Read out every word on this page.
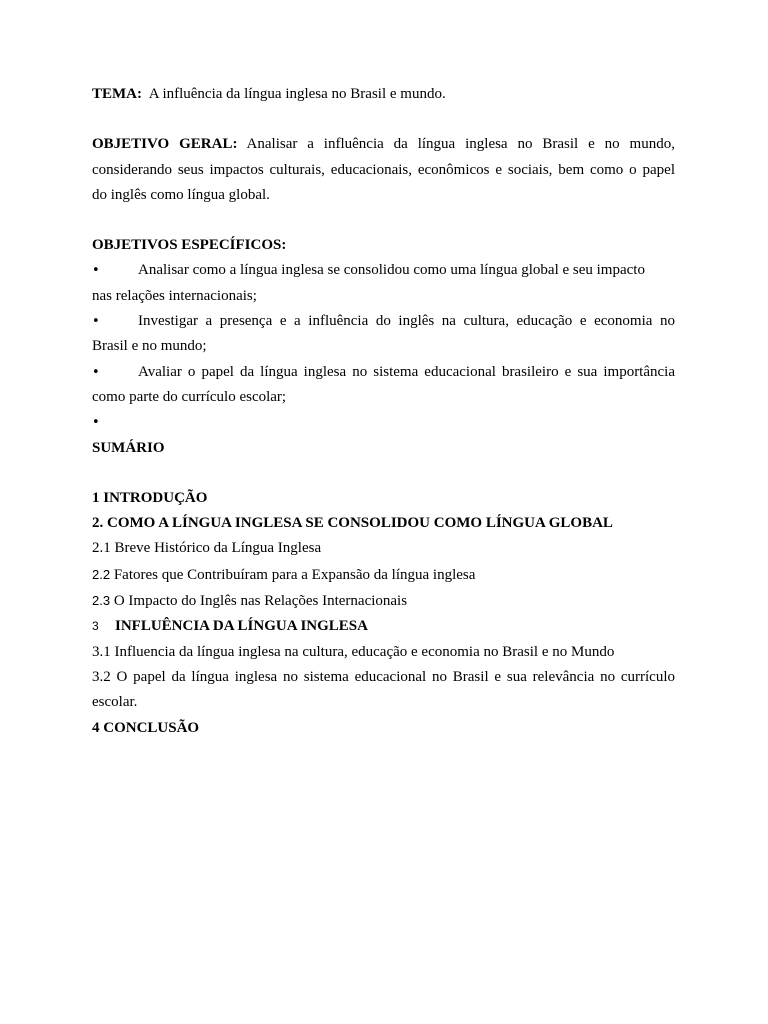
TEMA: A influência da língua inglesa no Brasil e mundo.
OBJETIVO GERAL: Analisar a influência da língua inglesa no Brasil e no mundo,
considerando seus impactos culturais, educacionais, econômicos e sociais, bem como o papel
do inglês como língua global.
OBJETIVOS ESPECÍFICOS:
•	Analisar como a língua inglesa se consolidou como uma língua global e seu impacto
nas relações internacionais;
•	Investigar a presença e a influência do inglês na cultura, educação e economia no
Brasil e no mundo;
•	Avaliar o papel da língua inglesa no sistema educacional brasileiro e sua importância
como parte do currículo escolar;
•
SUMÁRIO
1 INTRODUÇÃO
2. COMO A LÍNGUA INGLESA SE CONSOLIDOU COMO LÍNGUA GLOBAL
2.1 Breve Histórico da Língua Inglesa
2.2 Fatores que Contribuíram para a Expansão da língua inglesa
2.3 O Impacto do Inglês nas Relações Internacionais
3	INFLUÊNCIA DA LÍNGUA INGLESA
3.1 Influencia da língua inglesa na cultura, educação e economia no Brasil e no Mundo
3.2 O papel da língua inglesa no sistema educacional no Brasil e sua relevância no currículo
escolar.
4 CONCLUSÃO
